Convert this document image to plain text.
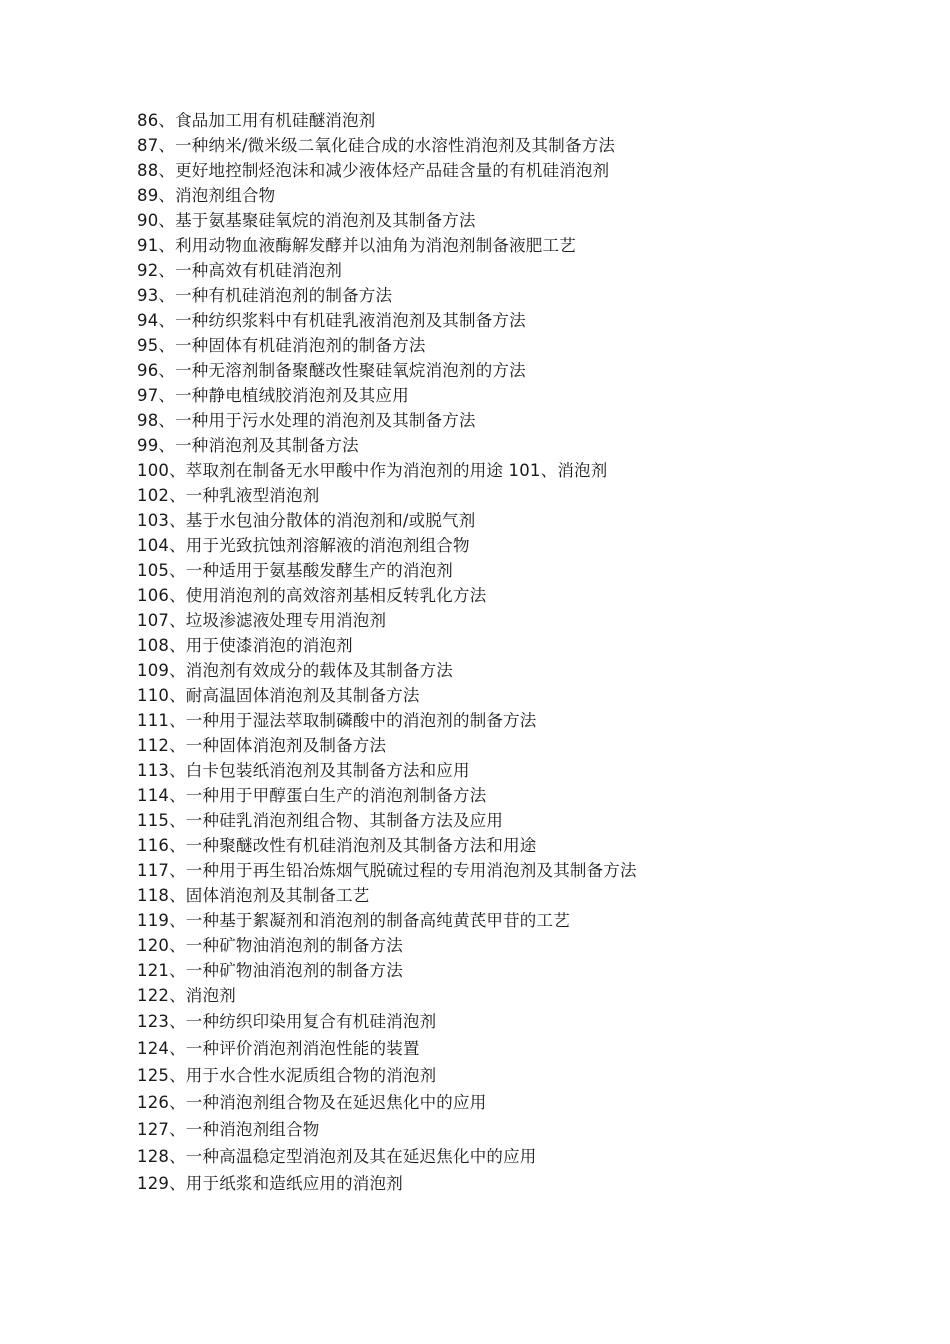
86、食品加工用有机硅醚消泡剂
87、一种纳米/微米级二氧化硅合成的水溶性消泡剂及其制备方法
88、更好地控制烃泡沫和减少液体烃产品硅含量的有机硅消泡剂
89、消泡剂组合物
90、基于氨基聚硅氧烷的消泡剂及其制备方法
91、利用动物血液酶解发酵并以油角为消泡剂制备液肥工艺
92、一种高效有机硅消泡剂
93、一种有机硅消泡剂的制备方法
94、一种纺织浆料中有机硅乳液消泡剂及其制备方法
95、一种固体有机硅消泡剂的制备方法
96、一种无溶剂制备聚醚改性聚硅氧烷消泡剂的方法
97、一种静电植绒胶消泡剂及其应用
98、一种用于污水处理的消泡剂及其制备方法
99、一种消泡剂及其制备方法
100、萃取剂在制备无水甲酸中作为消泡剂的用途 101、消泡剂
102、一种乳液型消泡剂
103、基于水包油分散体的消泡剂和/或脱气剂
104、用于光致抗蚀剂溶解液的消泡剂组合物
105、一种适用于氨基酸发酵生产的消泡剂
106、使用消泡剂的高效溶剂基相反转乳化方法
107、垃圾渗滤液处理专用消泡剂
108、用于使漆消泡的消泡剂
109、消泡剂有效成分的载体及其制备方法
110、耐高温固体消泡剂及其制备方法
111、一种用于湿法萃取制磷酸中的消泡剂的制备方法
112、一种固体消泡剂及制备方法
113、白卡包装纸消泡剂及其制备方法和应用
114、一种用于甲醇蛋白生产的消泡剂制备方法
115、一种硅乳消泡剂组合物、其制备方法及应用
116、一种聚醚改性有机硅消泡剂及其制备方法和用途
117、一种用于再生铅冶炼烟气脱硫过程的专用消泡剂及其制备方法
118、固体消泡剂及其制备工艺
119、一种基于絮凝剂和消泡剂的制备高纯黄芪甲苷的工艺
120、一种矿物油消泡剂的制备方法
121、一种矿物油消泡剂的制备方法
122、消泡剂
123、一种纺织印染用复合有机硅消泡剂
124、一种评价消泡剂消泡性能的装置
125、用于水合性水泥质组合物的消泡剂
126、一种消泡剂组合物及在延迟焦化中的应用
127、一种消泡剂组合物
128、一种高温稳定型消泡剂及其在延迟焦化中的应用
129、用于纸浆和造纸应用的消泡剂
